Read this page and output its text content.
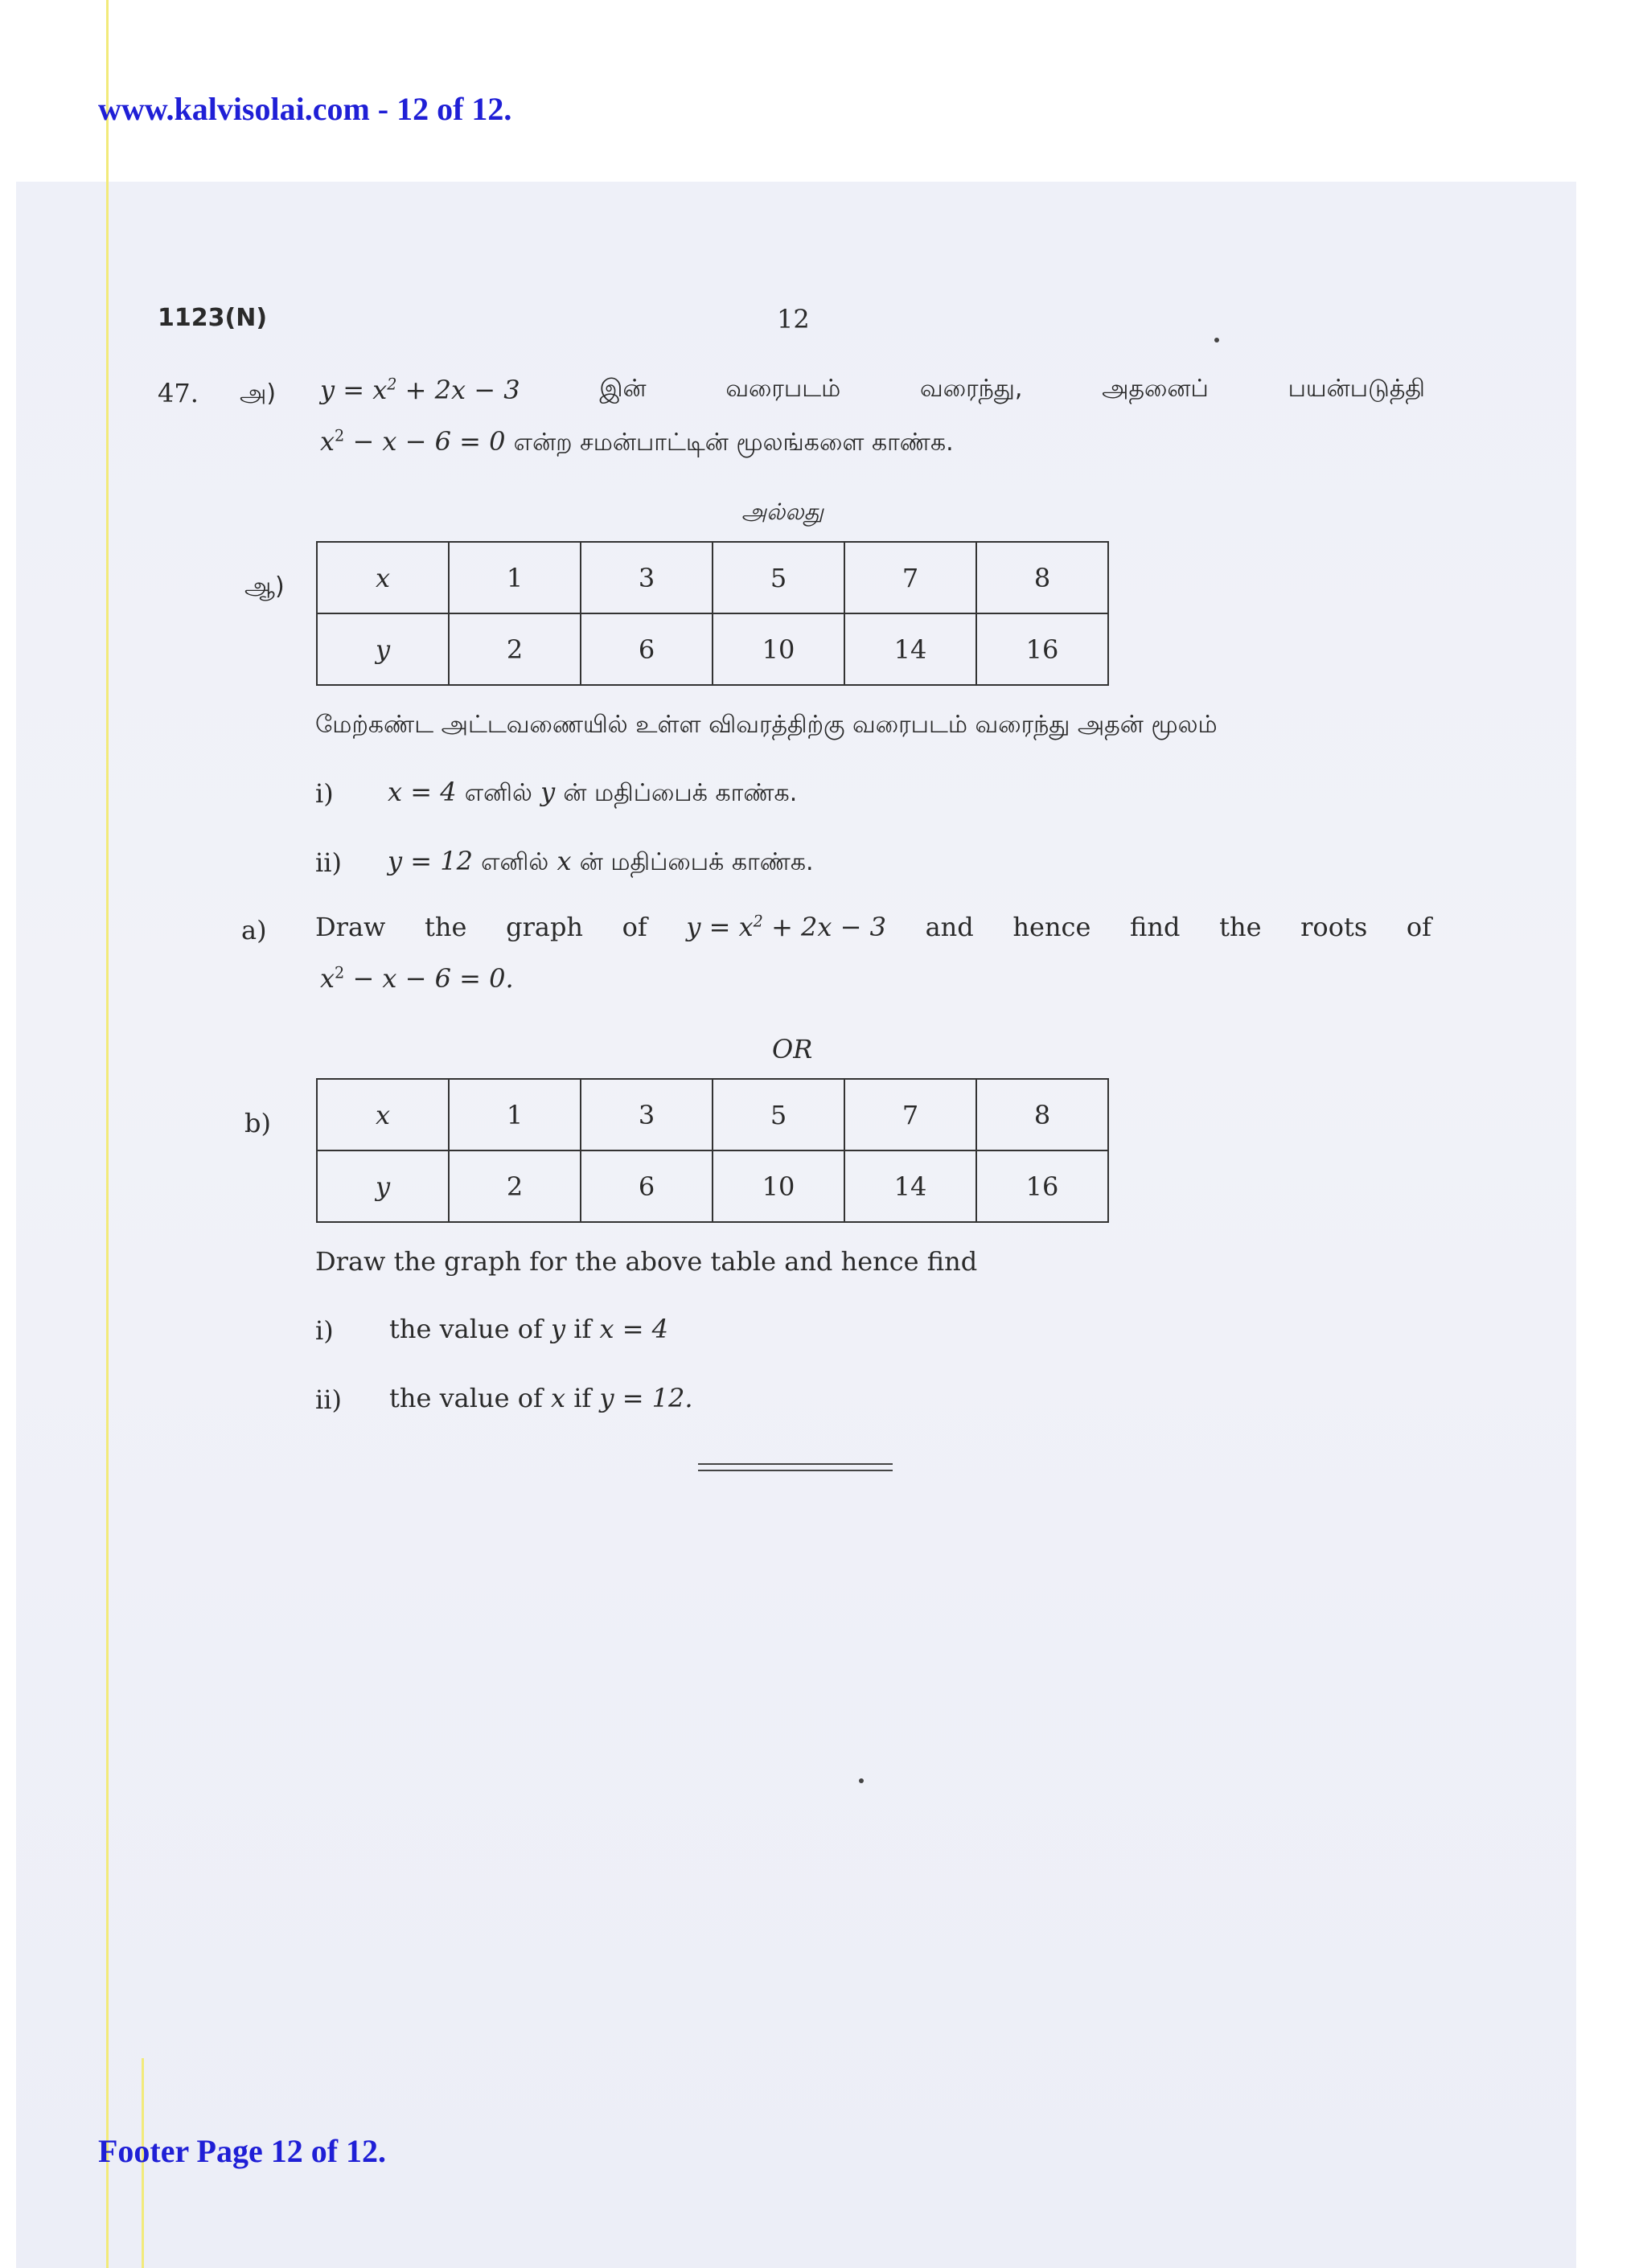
www.kalvisolai.com - 12 of 12.
1123(N)	12
47. அ) $y = x^2 + 2x - 3$	இன்	வரைபடம்	வரைந்து,	அதனைப்	பயன்படுத்தி
$x^2 - x - 6 = 0$ என்ற சமன்பாட்டின் மூலங்களை காண்க.
அல்லது
ஆ)	x	1	3	5	7	8
y	2	6	10	14	16
மேற்கண்ட அட்டவணையில் உள்ள விவரத்திற்கு வரைபடம் வரைந்து அதன் மூலம்
i) x = 4 எனில் y ன் மதிப்பைக் காண்க.
ii) y = 12 எனில் x ன் மதிப்பைக் காண்க.
a) Draw the graph of $y = x^2 + 2x - 3$ and hence find the roots of
$x^2 - x - 6 = 0$.
OR
b)	x	1	3	5	7	8
y	2	6	10	14	16
Draw the graph for the above table and hence find
i) the value of y if x = 4
ii) the value of x if y = 12.
Footer Page 12 of 12.
